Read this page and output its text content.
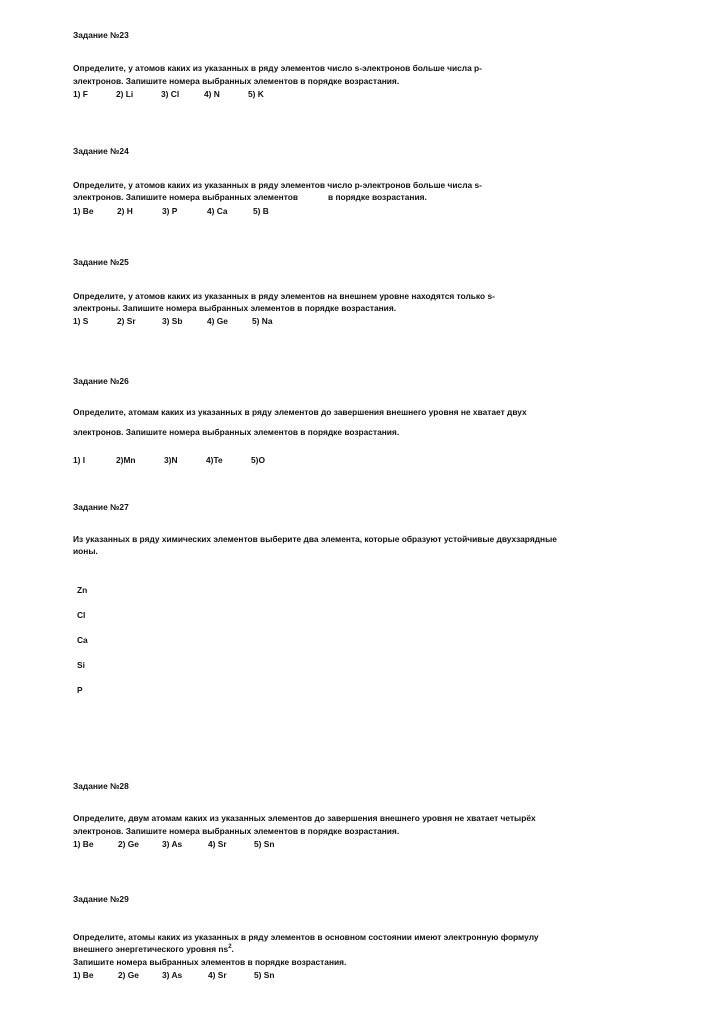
Задание №23
Определите, у атомов каких из указанных в ряду элементов число s-электронов больше числа p-
электронов. Запишите номера выбранных элементов в порядке возрастания.
1) F	2) Li	3) Cl	4) N	5) K
Задание №24
Определите, у атомов каких из указанных в ряду элементов число p-электронов больше числа s-
электронов. Запишите номера выбранных элементов	в порядке возрастания.
1) Be	2) H	3) P	4) Ca	5) B
Задание №25
Определите, у атомов каких из указанных в ряду элементов на внешнем уровне находятся только s-
электроны. Запишите номера выбранных элементов в порядке возрастания.
1) S	2) Sr	3) Sb	4) Ge	5) Na
Задание №26
Определите, атомам каких из указанных в ряду элементов до завершения внешнего уровня не хватает двух
электронов. Запишите номера выбранных элементов в порядке возрастания.
1) I	2)Mn	3)N	4)Te	5)O
Задание №27
Из указанных в ряду химических элементов выберите два элемента, которые образуют устойчивые двухзарядные
ионы.
Zn
Cl
Ca
Si
P
Задание №28
Определите, двум атомам каких из указанных элементов до завершения внешнего уровня не хватает четырёх
электронов. Запишите номера выбранных элементов в порядке возрастания.
1) Be	2) Ge	3) As	4) Sr	5) Sn
Задание №29
Определите, атомы каких из указанных в ряду элементов в основном состоянии имеют электронную формулу
внешнего энергетического уровня $ns^2$.
Запишите номера выбранных элементов в порядке возрастания.
1) Be	2) Ge	3) As	4) Sr	5) Sn
